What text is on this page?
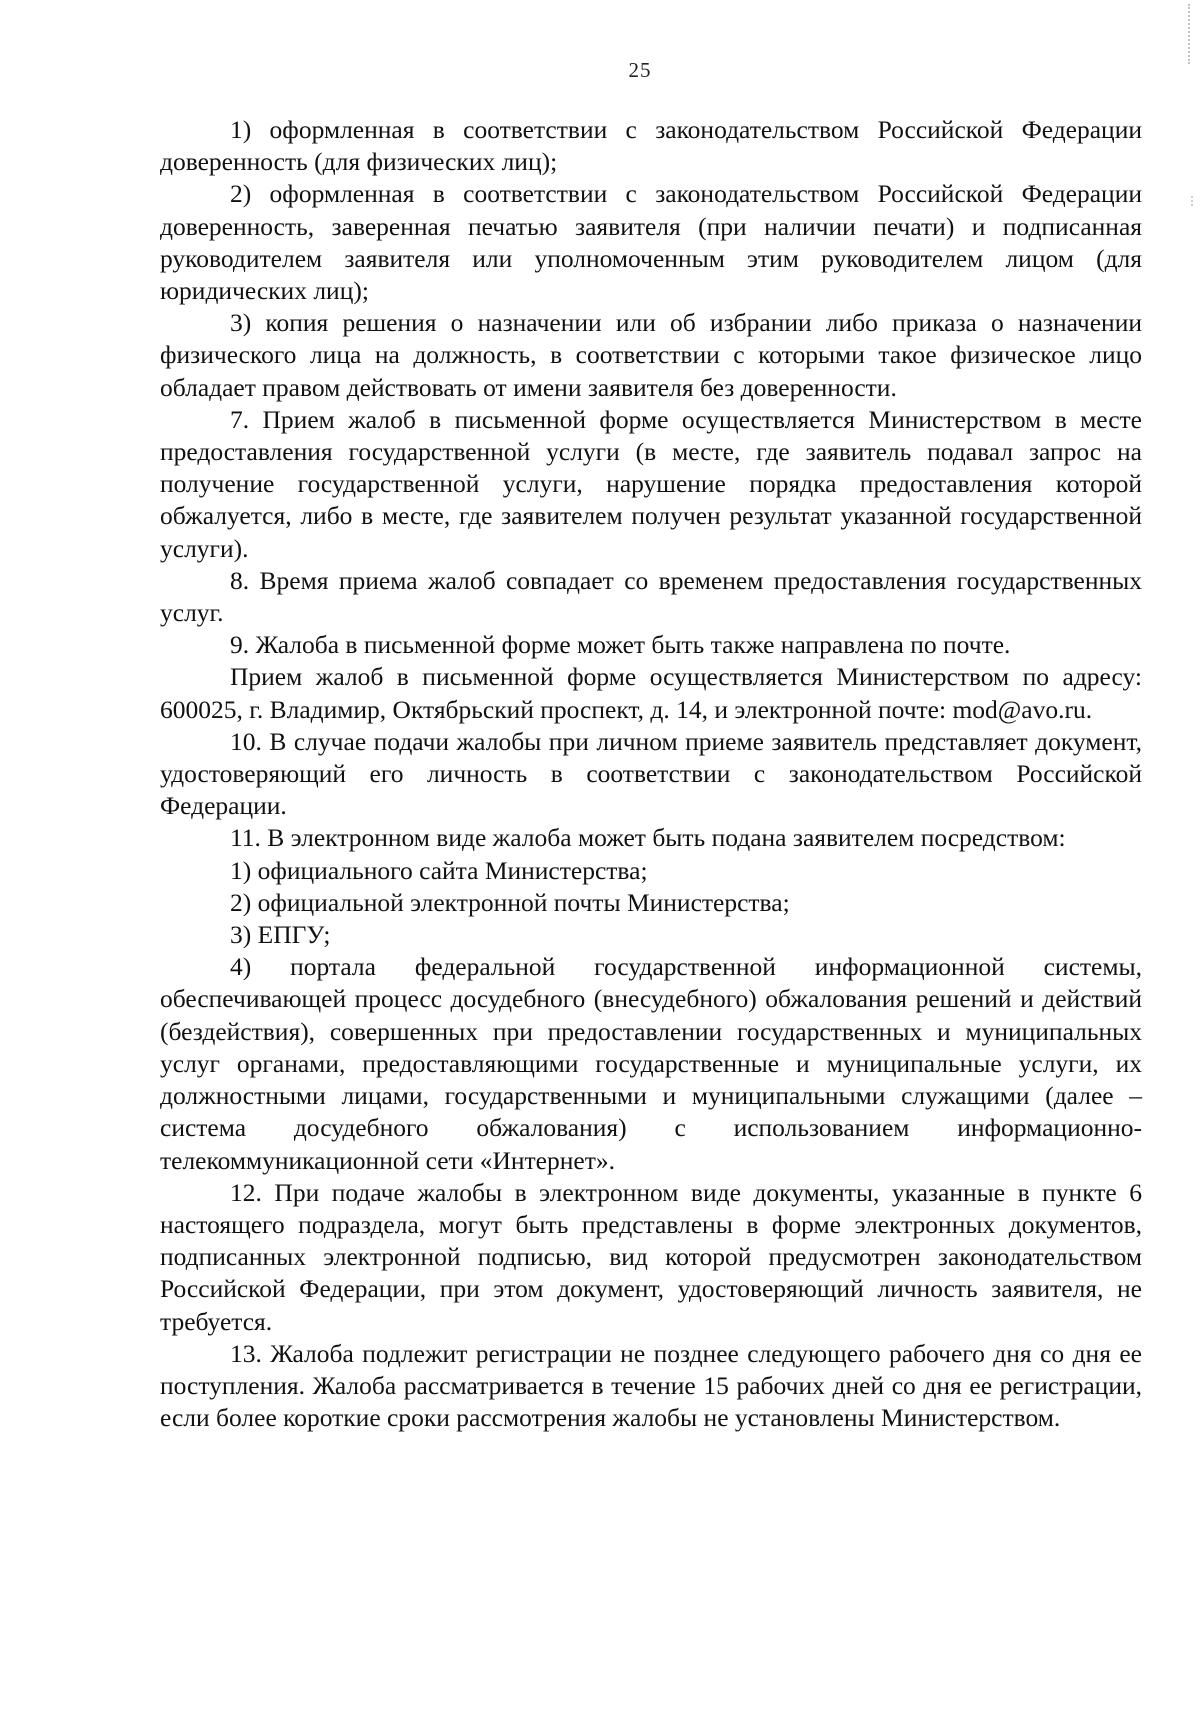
25

1) оформленная в соответствии с законодательством Российской Федерации доверенность (для физических лиц);

2) оформленная в соответствии с законодательством Российской Федерации доверенность, заверенная печатью заявителя (при наличии печати) и подписанная руководителем заявителя или уполномоченным этим руководителем лицом (для юридических лиц);

3) копия решения о назначении или об избрании либо приказа о назначении физического лица на должность, в соответствии с которыми такое физическое лицо обладает правом действовать от имени заявителя без доверенности.

7. Прием жалоб в письменной форме осуществляется Министерством в месте предоставления государственной услуги (в месте, где заявитель подавал запрос на получение государственной услуги, нарушение порядка предоставления которой обжалуется, либо в месте, где заявителем получен результат указанной государственной услуги).

8. Время приема жалоб совпадает со временем предоставления государственных услуг.

9. Жалоба в письменной форме может быть также направлена по почте.

Прием жалоб в письменной форме осуществляется Министерством по адресу: 600025, г. Владимир, Октябрьский проспект, д. 14, и электронной почте: mod@avo.ru.

10. В случае подачи жалобы при личном приеме заявитель представляет документ, удостоверяющий его личность в соответствии с законодательством Российской Федерации.

11. В электронном виде жалоба может быть подана заявителем посредством:

1) официального сайта Министерства;

2) официальной электронной почты Министерства;

3) ЕПГУ;

4) портала федеральной государственной информационной системы, обеспечивающей процесс досудебного (внесудебного) обжалования решений и действий (бездействия), совершенных при предоставлении государственных и муниципальных услуг органами, предоставляющими государственные и муниципальные услуги, их должностными лицами, государственными и муниципальными служащими (далее – система досудебного обжалования) с использованием информационно-телекоммуникационной сети «Интернет».

12. При подаче жалобы в электронном виде документы, указанные в пункте 6 настоящего подраздела, могут быть представлены в форме электронных документов, подписанных электронной подписью, вид которой предусмотрен законодательством Российской Федерации, при этом документ, удостоверяющий личность заявителя, не требуется.

13. Жалоба подлежит регистрации не позднее следующего рабочего дня со дня ее поступления. Жалоба рассматривается в течение 15 рабочих дней со дня ее регистрации, если более короткие сроки рассмотрения жалобы не установлены Министерством.
